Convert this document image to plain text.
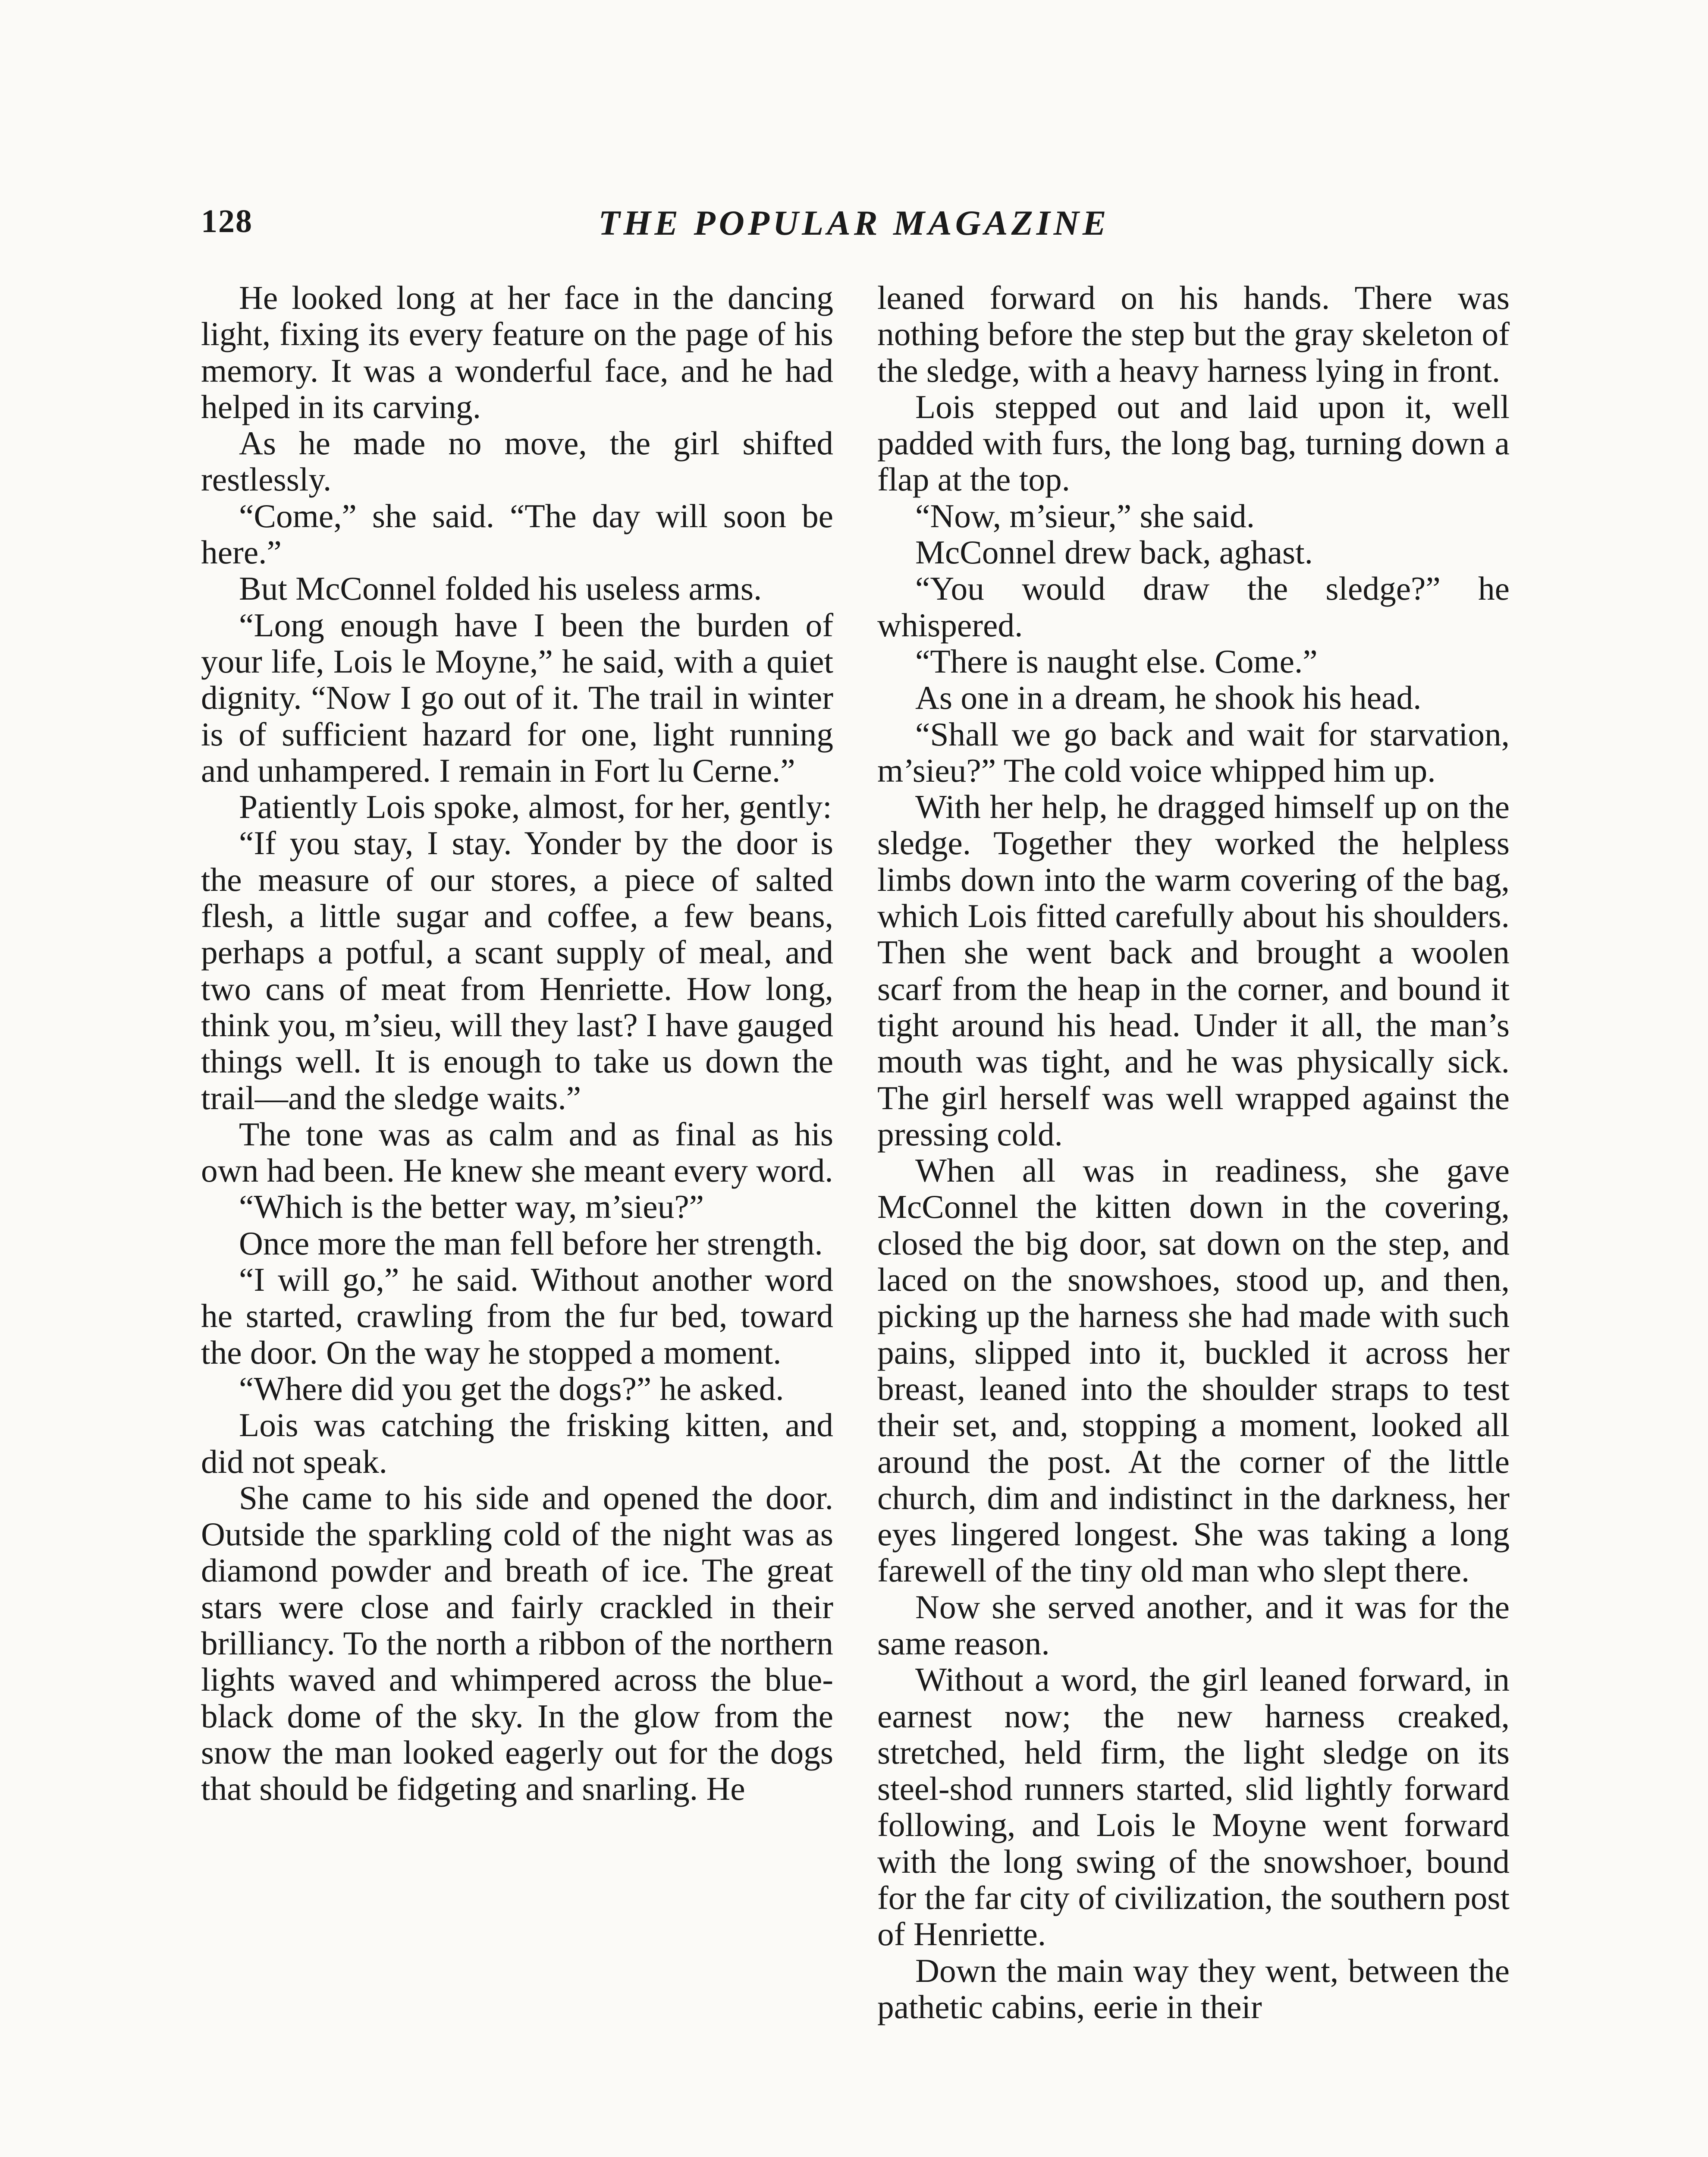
128	THE POPULAR MAGAZINE

He looked long at her face in the dancing light, fixing its every feature on the page of his memory. It was a wonderful face, and he had helped in its carving.

As he made no move, the girl shifted restlessly.

“Come,” she said. “The day will soon be here.”

But McConnel folded his useless arms.

“Long enough have I been the burden of your life, Lois le Moyne,” he said, with a quiet dignity. “Now I go out of it. The trail in winter is of sufficient hazard for one, light running and unhampered. I remain in Fort lu Cerne.”

Patiently Lois spoke, almost, for her, gently:

“If you stay, I stay. Yonder by the door is the measure of our stores, a piece of salted flesh, a little sugar and coffee, a few beans, perhaps a potful, a scant supply of meal, and two cans of meat from Henriette. How long, think you, m’sieu, will they last? I have gauged things well. It is enough to take us down the trail—and the sledge waits.”

The tone was as calm and as final as his own had been. He knew she meant every word.

“Which is the better way, m’sieu?”

Once more the man fell before her strength.

“I will go,” he said. Without another word he started, crawling from the fur bed, toward the door. On the way he stopped a moment.

“Where did you get the dogs?” he asked.

Lois was catching the frisking kitten, and did not speak.

She came to his side and opened the door. Outside the sparkling cold of the night was as diamond powder and breath of ice. The great stars were close and fairly crackled in their brilliancy. To the north a ribbon of the northern lights waved and whimpered across the blue-black dome of the sky. In the glow from the snow the man looked eagerly out for the dogs that should be fidgeting and snarling. He

leaned forward on his hands. There was nothing before the step but the gray skeleton of the sledge, with a heavy harness lying in front.

Lois stepped out and laid upon it, well padded with furs, the long bag, turning down a flap at the top.

“Now, m’sieur,” she said.

McConnel drew back, aghast.

“You would draw the sledge?” he whispered.

“There is naught else. Come.”

As one in a dream, he shook his head.

“Shall we go back and wait for starvation, m’sieu?” The cold voice whipped him up.

With her help, he dragged himself up on the sledge. Together they worked the helpless limbs down into the warm covering of the bag, which Lois fitted carefully about his shoulders. Then she went back and brought a woolen scarf from the heap in the corner, and bound it tight around his head. Under it all, the man’s mouth was tight, and he was physically sick. The girl herself was well wrapped against the pressing cold.

When all was in readiness, she gave McConnel the kitten down in the covering, closed the big door, sat down on the step, and laced on the snowshoes, stood up, and then, picking up the harness she had made with such pains, slipped into it, buckled it across her breast, leaned into the shoulder straps to test their set, and, stopping a moment, looked all around the post. At the corner of the little church, dim and indistinct in the darkness, her eyes lingered longest. She was taking a long farewell of the tiny old man who slept there.

Now she served another, and it was for the same reason.

Without a word, the girl leaned forward, in earnest now; the new harness creaked, stretched, held firm, the light sledge on its steel-shod runners started, slid lightly forward following, and Lois le Moyne went forward with the long swing of the snowshoer, bound for the far city of civilization, the southern post of Henriette.

Down the main way they went, between the pathetic cabins, eerie in their
